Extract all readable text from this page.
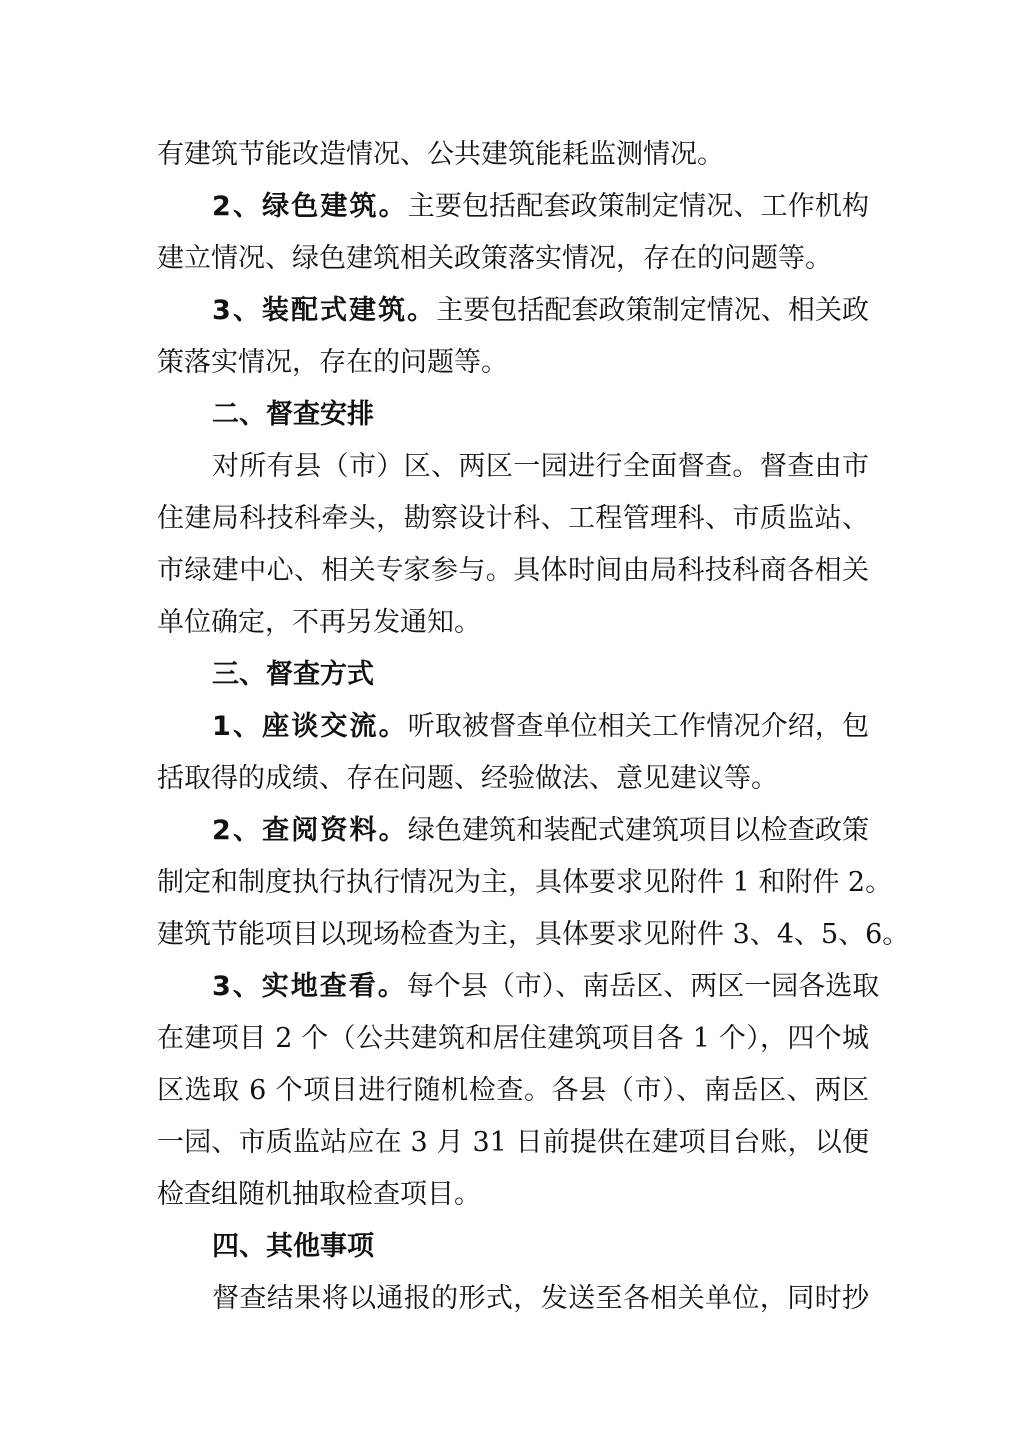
有建筑节能改造情况、公共建筑能耗监测情况。
2、绿色建筑。主要包括配套政策制定情况、工作机构
建立情况、绿色建筑相关政策落实情况，存在的问题等。
3、装配式建筑。主要包括配套政策制定情况、相关政
策落实情况，存在的问题等。
二、督查安排
对所有县（市）区、两区一园进行全面督查。督查由市
住建局科技科牵头，勘察设计科、工程管理科、市质监站、
市绿建中心、相关专家参与。具体时间由局科技科商各相关
单位确定，不再另发通知。
三、督查方式
1、座谈交流。听取被督查单位相关工作情况介绍，包
括取得的成绩、存在问题、经验做法、意见建议等。
2、查阅资料。绿色建筑和装配式建筑项目以检查政策
制定和制度执行执行情况为主，具体要求见附件 1 和附件 2。
建筑节能项目以现场检查为主，具体要求见附件 3、4、5、6。
3、实地查看。每个县（市）、南岳区、两区一园各选取
在建项目 2 个（公共建筑和居住建筑项目各 1 个），四个城
区选取 6 个项目进行随机检查。各县（市）、南岳区、两区
一园、市质监站应在 3 月 31 日前提供在建项目台账，以便
检查组随机抽取检查项目。
四、其他事项
督查结果将以通报的形式，发送至各相关单位，同时抄
